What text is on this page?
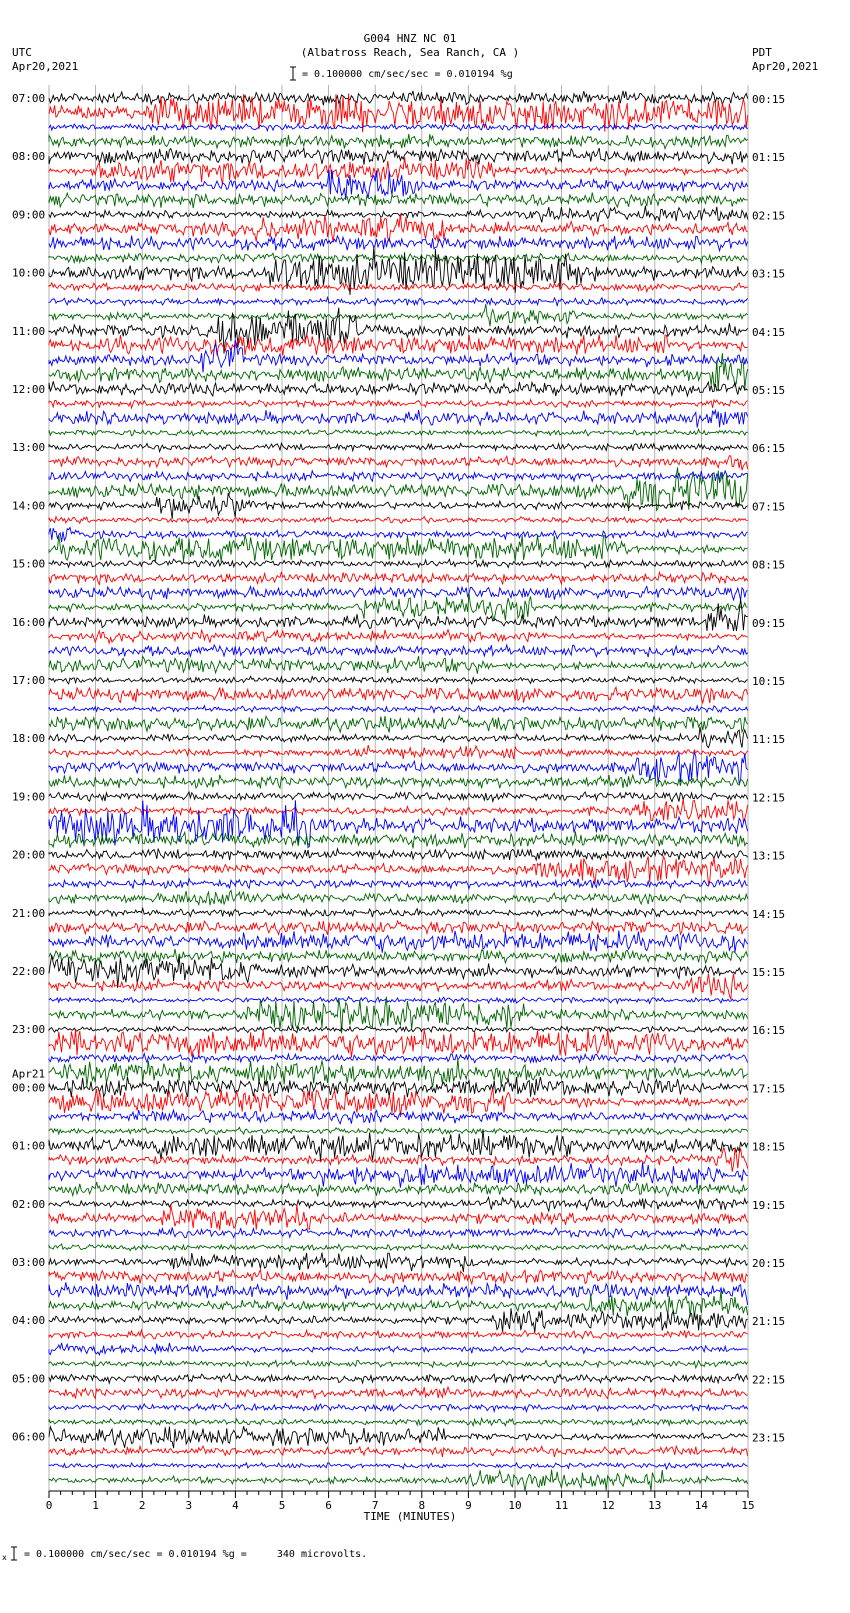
G004 HNZ NC 01
(Albatross Reach, Sea Ranch, CA )
UTC
Apr20,2021
PDT
Apr20,2021
= 0.100000 cm/sec/sec = 0.010194 %g
07:00
08:00
09:00
10:00
11:00
12:00
13:00
14:00
15:00
16:00
17:00
18:00
19:00
20:00
21:00
22:00
23:00
00:00
Apr21
01:00
02:00
03:00
04:00
05:00
06:00
00:15
01:15
02:15
03:15
04:15
05:15
06:15
07:15
08:15
09:15
10:15
11:15
12:15
13:15
14:15
15:15
16:15
17:15
18:15
19:15
20:15
21:15
22:15
23:15
0	1	2	3	4	5	6	7	8	9	10	11	12	13	14	15
TIME (MINUTES)
x = 0.100000 cm/sec/sec = 0.010194 %g =     340 microvolts.
